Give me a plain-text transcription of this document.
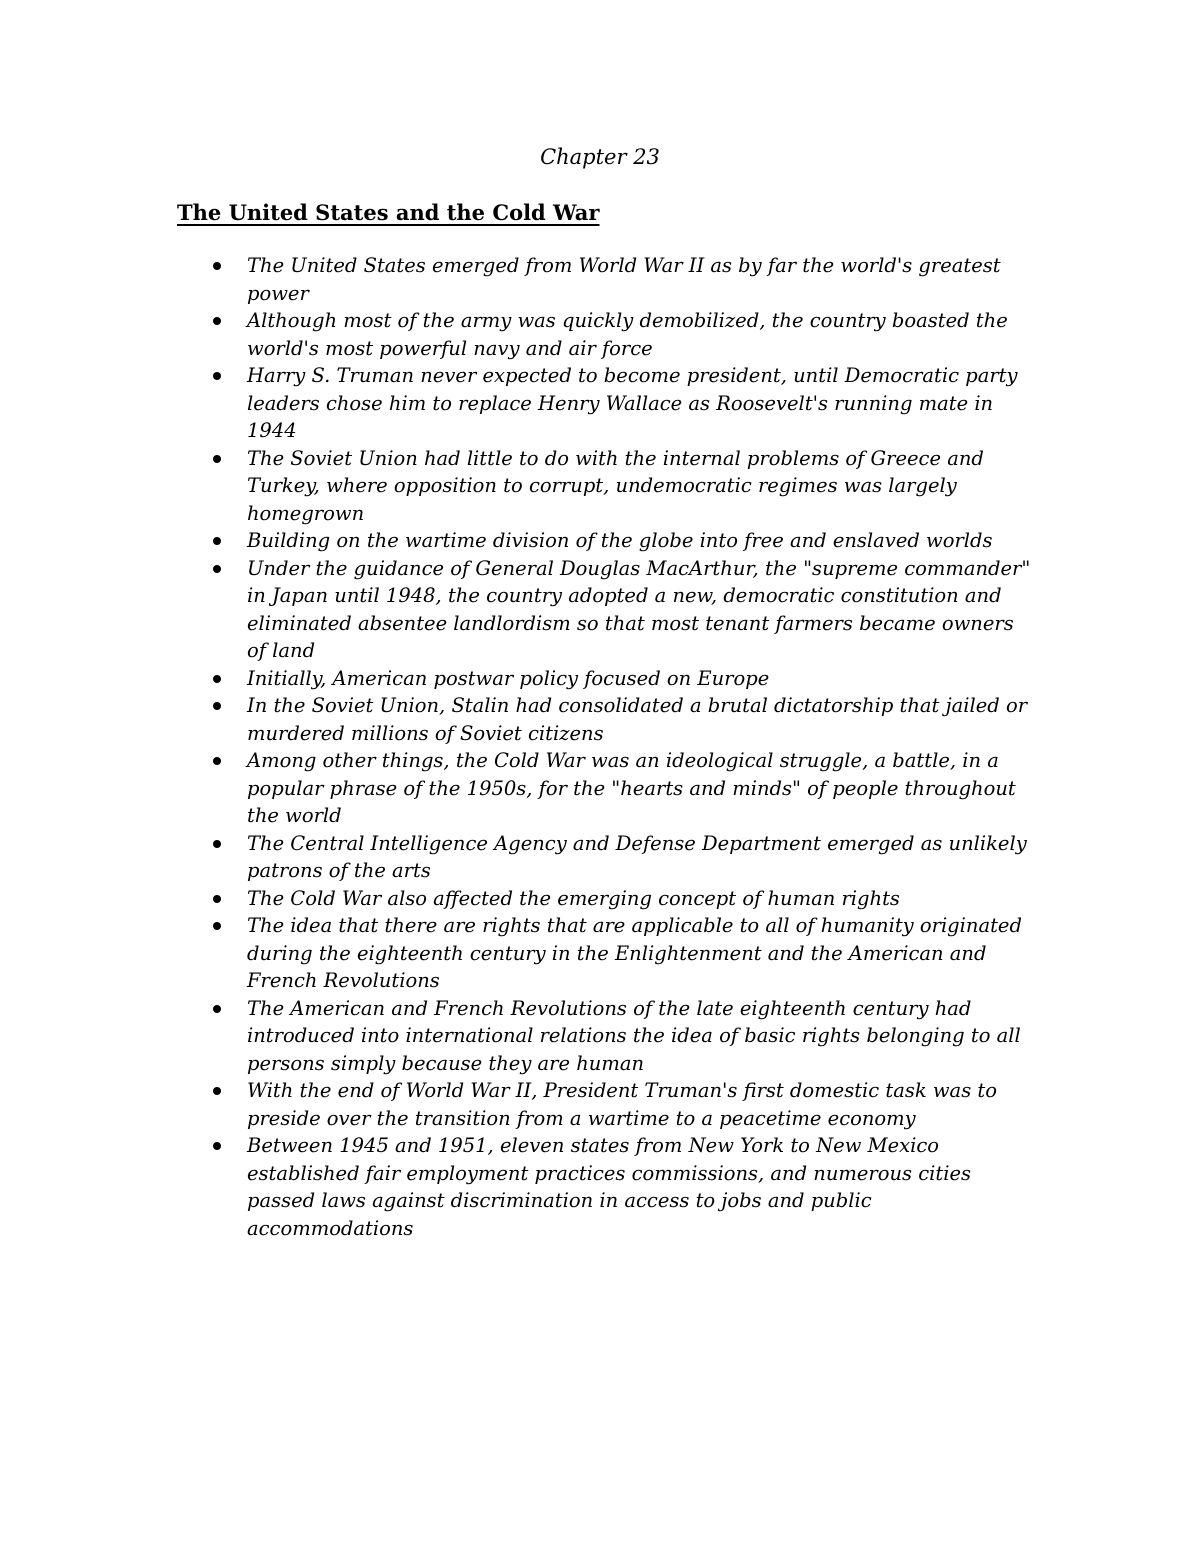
Chapter 23
The United States and the Cold War
The United States emerged from World War II as by far the world's greatest power
Although most of the army was quickly demobilized, the country boasted the world's most powerful navy and air force
Harry S. Truman never expected to become president, until Democratic party leaders chose him to replace Henry Wallace as Roosevelt's running mate in 1944
The Soviet Union had little to do with the internal problems of Greece and Turkey, where opposition to corrupt, undemocratic regimes was largely homegrown
Building on the wartime division of the globe into free and enslaved worlds
Under the guidance of General Douglas MacArthur, the "supreme commander" in Japan until 1948, the country adopted a new, democratic constitution and eliminated absentee landlordism so that most tenant farmers became owners of land
Initially, American postwar policy focused on Europe
In the Soviet Union, Stalin had consolidated a brutal dictatorship that jailed or murdered millions of Soviet citizens
Among other things, the Cold War was an ideological struggle, a battle, in a popular phrase of the 1950s, for the "hearts and minds" of people throughout the world
The Central Intelligence Agency and Defense Department emerged as unlikely patrons of the arts
The Cold War also affected the emerging concept of human rights
The idea that there are rights that are applicable to all of humanity originated during the eighteenth century in the Enlightenment and the American and French Revolutions
The American and French Revolutions of the late eighteenth century had introduced into international relations the idea of basic rights belonging to all persons simply because they are human
With the end of World War II, President Truman's first domestic task was to preside over the transition from a wartime to a peacetime economy
Between 1945 and 1951, eleven states from New York to New Mexico established fair employment practices commissions, and numerous cities passed laws against discrimination in access to jobs and public accommodations
